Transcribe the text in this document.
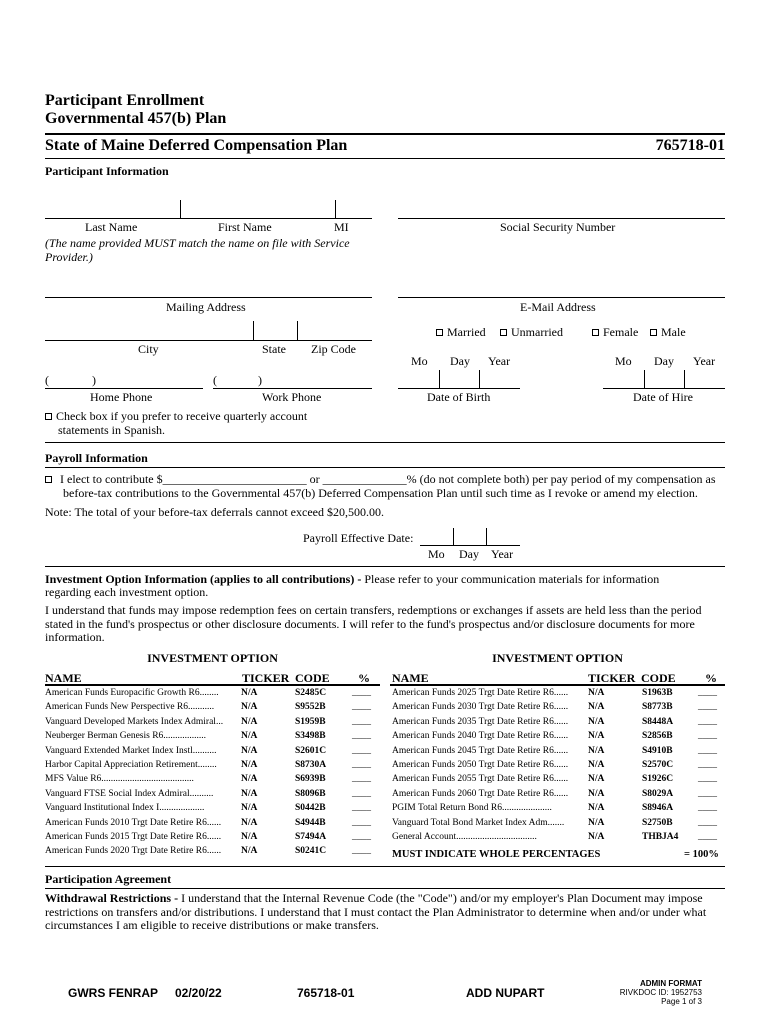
Participant Enrollment
Governmental 457(b) Plan
State of Maine Deferred Compensation Plan	765718-01
Participant Information
Last Name	First Name	MI
(The name provided MUST match the name on file with Service Provider.)
Social Security Number
Mailing Address	E-Mail Address
City	State Zip Code
Married	Unmarried	Female	Male
Mo Day Year	Mo Day Year
(	)
Home Phone
(	)
Work Phone	Date of Birth	Date of Hire
Check box if you prefer to receive quarterly account
statements in Spanish.
Payroll Information
I elect to contribute $________________________ or ______________% (do not complete both) per pay period of my compensation as
before-tax contributions to the Governmental 457(b) Deferred Compensation Plan until such time as I revoke or amend my election.
Note: The total of your before-tax deferrals cannot exceed $20,500.00.
Payroll Effective Date:
Mo Day Year
Investment Option Information (applies to all contributions) - Please refer to your communication materials for information
regarding each investment option.
I understand that funds may impose redemption fees on certain transfers, redemptions or exchanges if assets are held less than the period stated in the fund's prospectus or other disclosure documents. I will refer to the fund's prospectus and/or disclosure documents for more information.
INVESTMENT OPTION	INVESTMENT OPTION
NAME	TICKER CODE % NAME	TICKER CODE %
American Funds Europacific Growth R6........	N/A	S2485C	____
American Funds New Perspective R6...........	N/A	S9552B	____
Vanguard Developed Markets Index Admiral...	N/A	S1959B	____
Neuberger Berman Genesis R6..................	N/A	S3498B	____
Vanguard Extended Market Index Instl..........	N/A	S2601C	____
Harbor Capital Appreciation Retirement........	N/A	S8730A	____
MFS Value R6.......................................	N/A	S6939B	____
Vanguard FTSE Social Index Admiral..........	N/A	S8096B	____
Vanguard Institutional Index I...................	N/A	S0442B	____
American Funds 2010 Trgt Date Retire R6......	N/A	S4944B	____
American Funds 2015 Trgt Date Retire R6......	N/A	S7494A	____
American Funds 2020 Trgt Date Retire R6......	N/A	S0241C	____
American Funds 2025 Trgt Date Retire R6......	N/A	S1963B	____
American Funds 2030 Trgt Date Retire R6......	N/A	S8773B	____
American Funds 2035 Trgt Date Retire R6......	N/A	S8448A	____
American Funds 2040 Trgt Date Retire R6......	N/A	S2856B	____
American Funds 2045 Trgt Date Retire R6......	N/A	S4910B	____
American Funds 2050 Trgt Date Retire R6......	N/A	S2570C	____
American Funds 2055 Trgt Date Retire R6......	N/A	S1926C	____
American Funds 2060 Trgt Date Retire R6......	N/A	S8029A	____
PGIM Total Return Bond R6.....................	N/A	S8946A	____
Vanguard Total Bond Market Index Adm.......	N/A	S2750B	____
General Account..................................	N/A	THBJA4 ____
MUST INDICATE WHOLE PERCENTAGES	= 100%
Participation Agreement
Withdrawal Restrictions - I understand that the Internal Revenue Code (the "Code") and/or my employer's Plan Document may impose restrictions on transfers and/or distributions. I understand that I must contact the Plan Administrator to determine when and/or under what circumstances I am eligible to receive distributions or make transfers.
GWRS FENRAP 02/20/22	765718-01	ADD NUPART
ADMIN FORMAT
RIVKDOC ID: 1952753
Page 1 of 3
